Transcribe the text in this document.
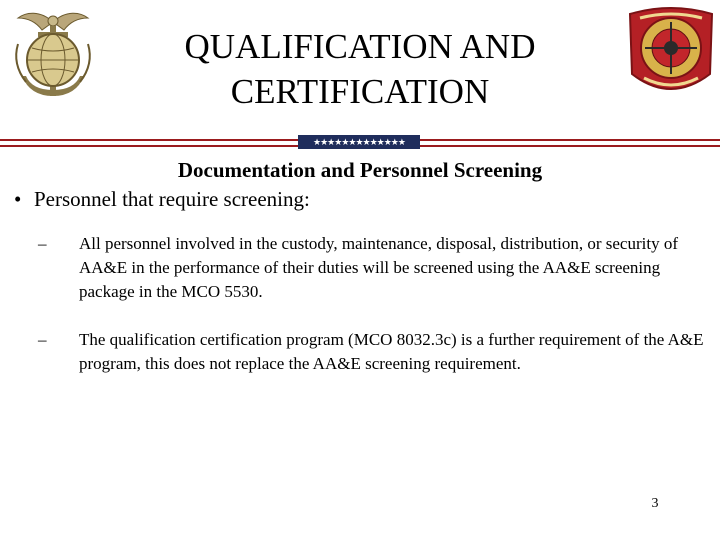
QUALIFICATION AND
CERTIFICATION
★★★★★★★★★★★★★
Documentation and Personnel Screening
• Personnel that require screening:
–	All personnel involved in the custody, maintenance, disposal, distribution, or security of AA&E in the performance of their duties will be screened using the AA&E screening package in the MCO 5530.
–	The qualification certification program (MCO 8032.3c) is a further requirement of the A&E program, this does not replace the AA&E screening requirement.
3
